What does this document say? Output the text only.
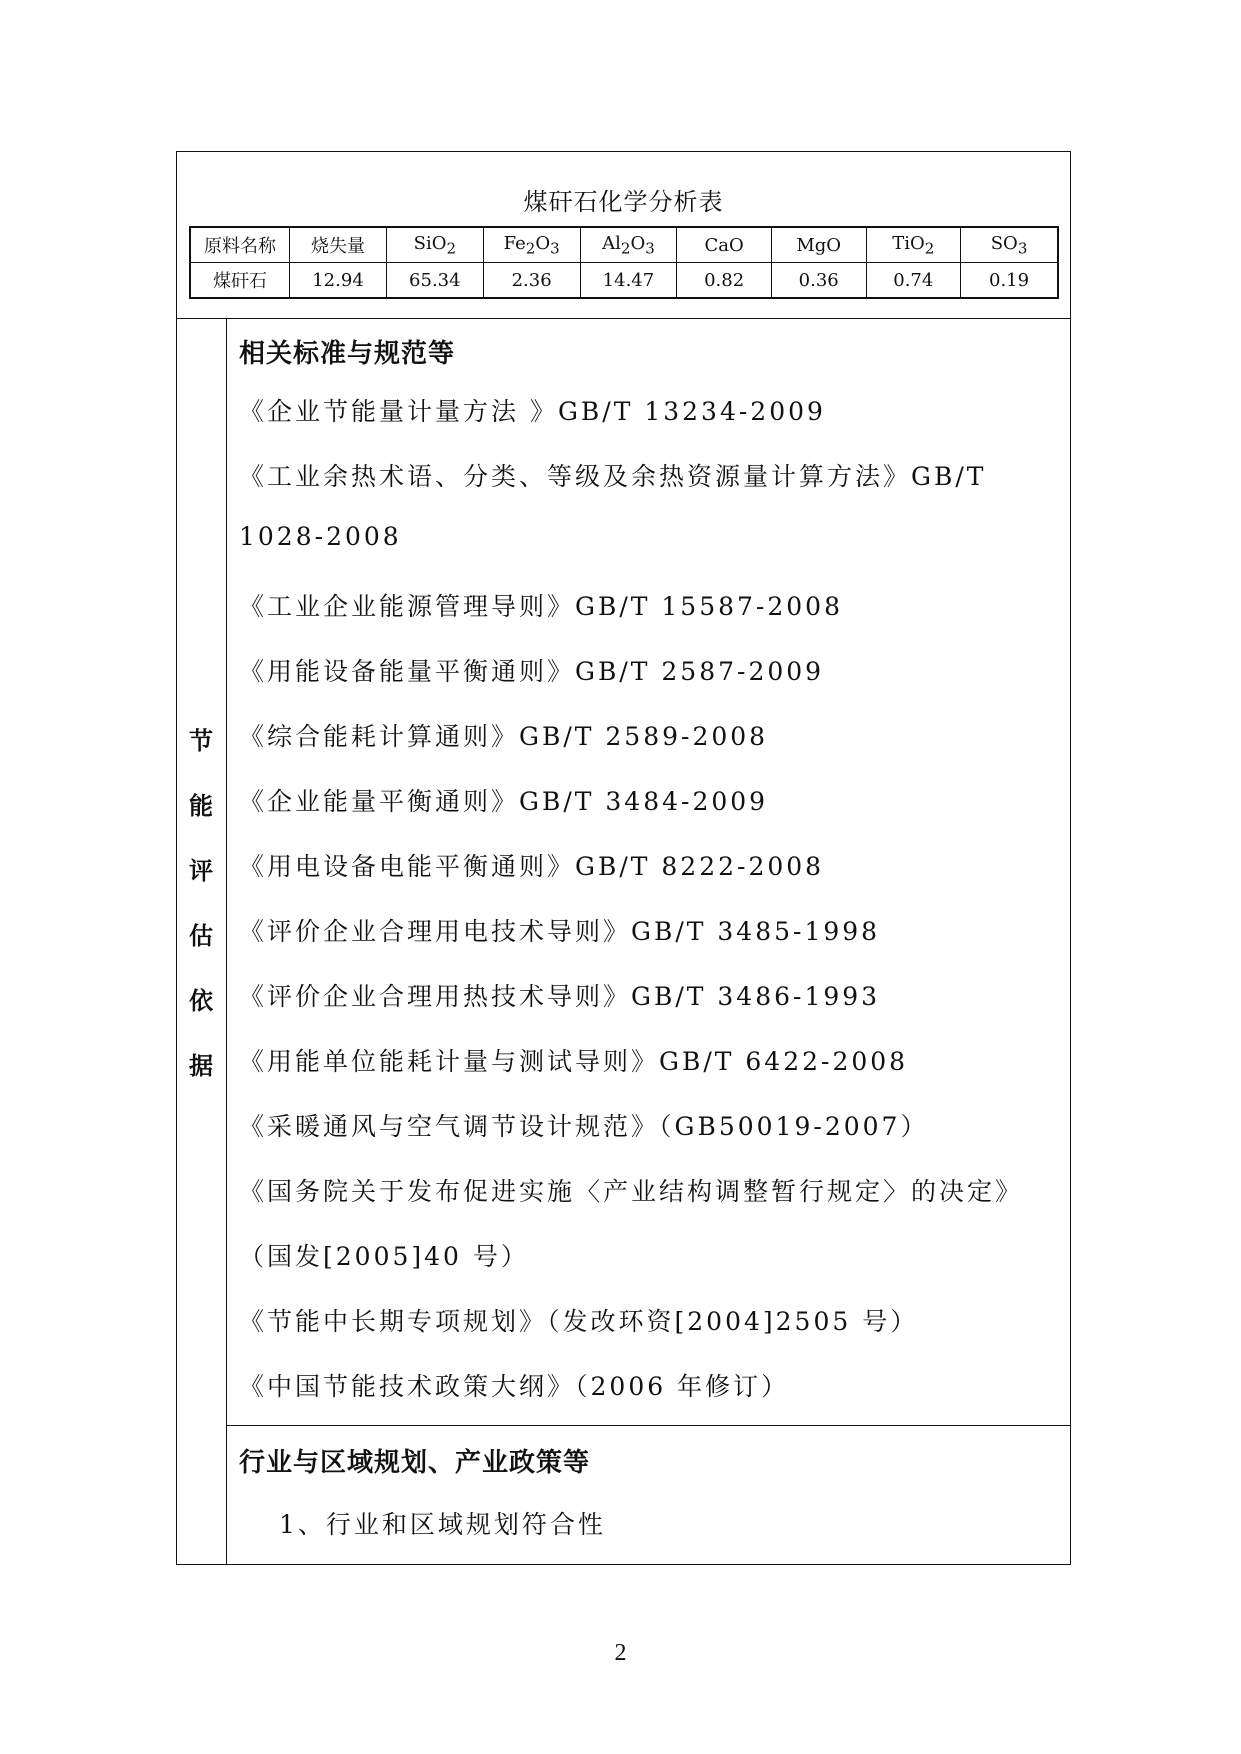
煤矸石化学分析表
原料名称	烧失量	SiO$_2$	$Fe_2O_3$	$Al_2O_3$	CaO	MgO	TiO$_2$	$SO_3$
煤矸石	12.94	65.34	2.36	14.47	0.82	0.36	0.74	0.19
节
能
评
估
依
据
相关标准与规范等
《企业节能量计量方法 》GB/T 13234-2009
《工业余热术语、分类、等级及余热资源量计算方法》GB/T
1028-2008
《工业企业能源管理导则》GB/T 15587-2008
《用能设备能量平衡通则》GB/T 2587-2009
《综合能耗计算通则》GB/T 2589-2008
《企业能量平衡通则》GB/T 3484-2009
《用电设备电能平衡通则》GB/T 8222-2008
《评价企业合理用电技术导则》GB/T 3485-1998
《评价企业合理用热技术导则》GB/T 3486-1993
《用能单位能耗计量与测试导则》GB/T 6422-2008
《采暖通风与空气调节设计规范》（GB50019-2007）
《国务院关于发布促进实施〈产业结构调整暂行规定〉的决定》
（国发[2005]40 号）
《节能中长期专项规划》（发改环资[2004]2505 号）
《中国节能技术政策大纲》（2006 年修订）
行业与区域规划、产业政策等
1、行业和区域规划符合性
2
